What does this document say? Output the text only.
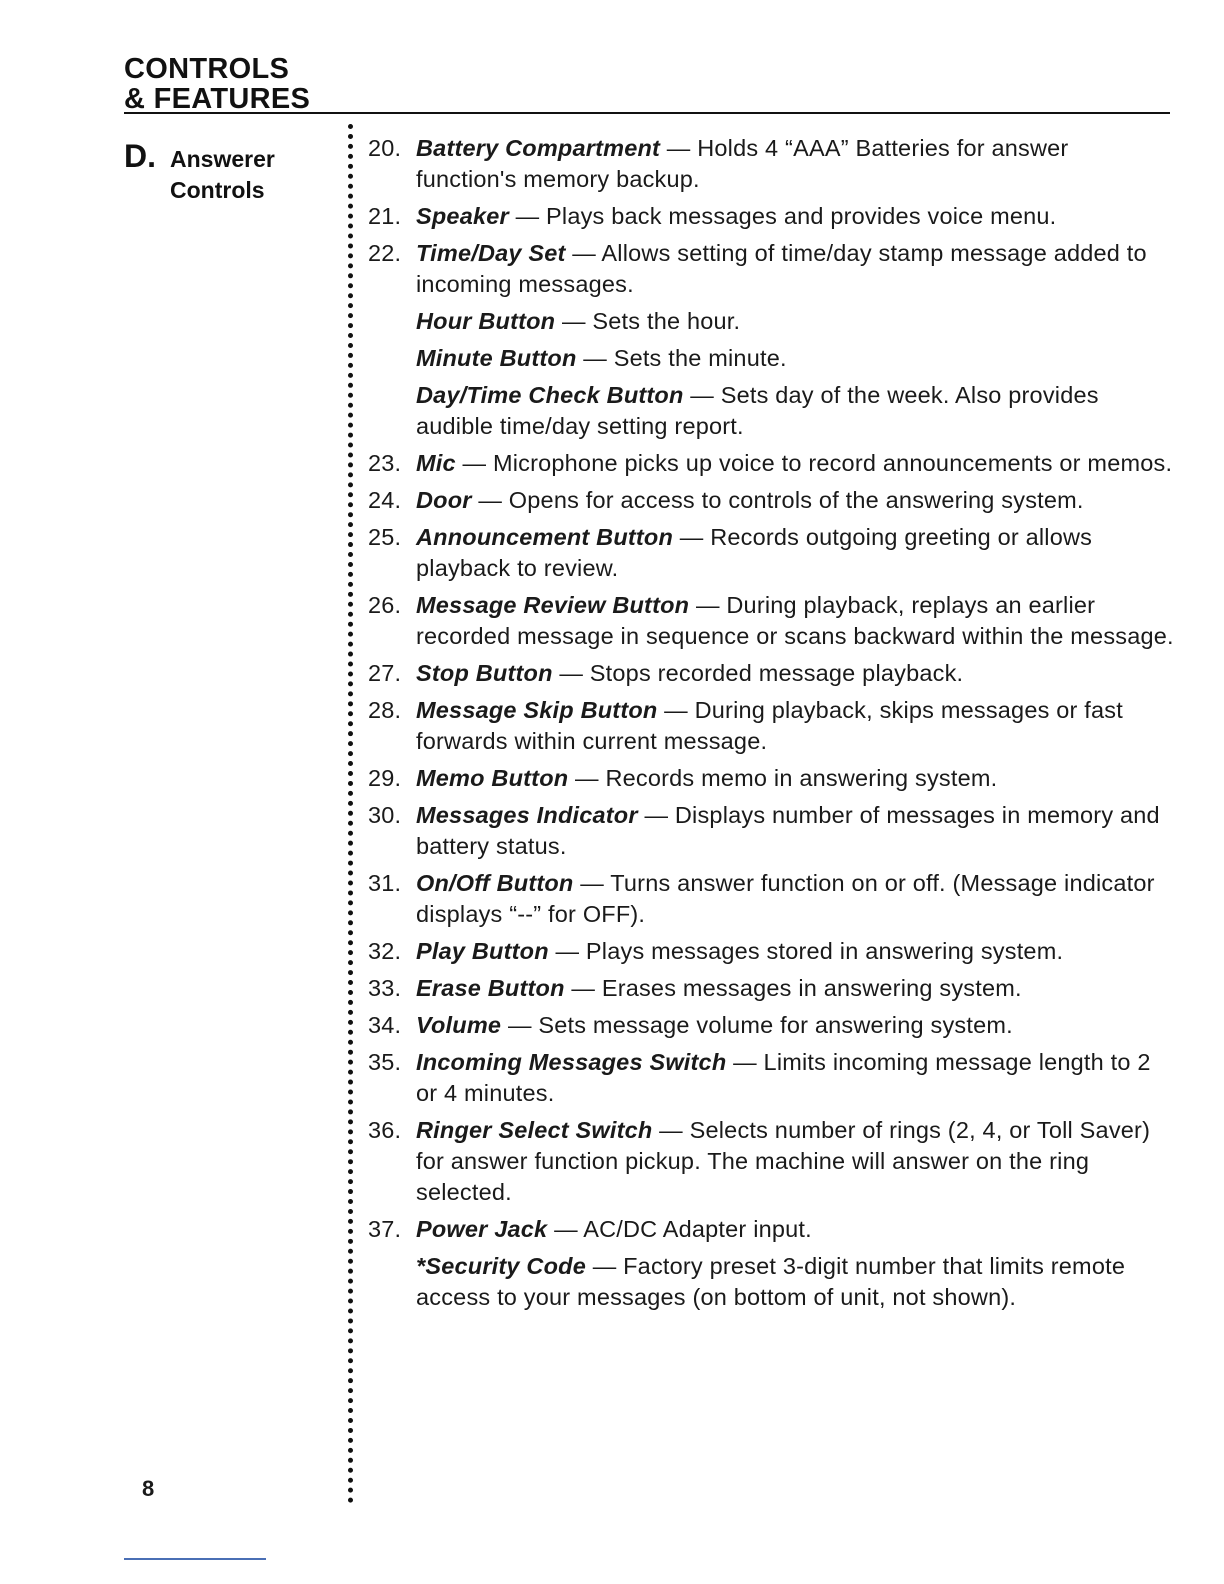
CONTROLS
& FEATURES
D. Answerer
Controls
20. Battery Compartment — Holds 4 “AAA” Batteries for answer function's memory backup.
21. Speaker — Plays back messages and provides voice menu.
22. Time/Day Set — Allows setting of time/day stamp message added to incoming messages.
Hour Button — Sets the hour.
Minute Button — Sets the minute.
Day/Time Check Button — Sets day of the week. Also provides audible time/day setting report.
23. Mic — Microphone picks up voice to record announcements or memos.
24. Door — Opens for access to controls of the answering system.
25. Announcement Button — Records outgoing greeting or allows playback to review.
26. Message Review Button — During playback, replays an earlier recorded message in sequence or scans backward within the message.
27. Stop Button — Stops recorded message playback.
28. Message Skip Button — During playback, skips messages or fast forwards within current message.
29. Memo Button — Records memo in answering system.
30. Messages Indicator — Displays number of messages in memory and battery status.
31. On/Off Button — Turns answer function on or off. (Message indicator displays “--” for OFF).
32. Play Button — Plays messages stored in answering system.
33. Erase Button — Erases messages in answering system.
34. Volume — Sets message volume for answering system.
35. Incoming Messages Switch — Limits incoming message length to 2 or 4 minutes.
36. Ringer Select Switch — Selects number of rings (2, 4, or Toll Saver) for answer function pickup. The machine will answer on the ring selected.
37. Power Jack — AC/DC Adapter input.
*Security Code — Factory preset 3-digit number that limits remote access to your messages (on bottom of unit, not shown).
8
